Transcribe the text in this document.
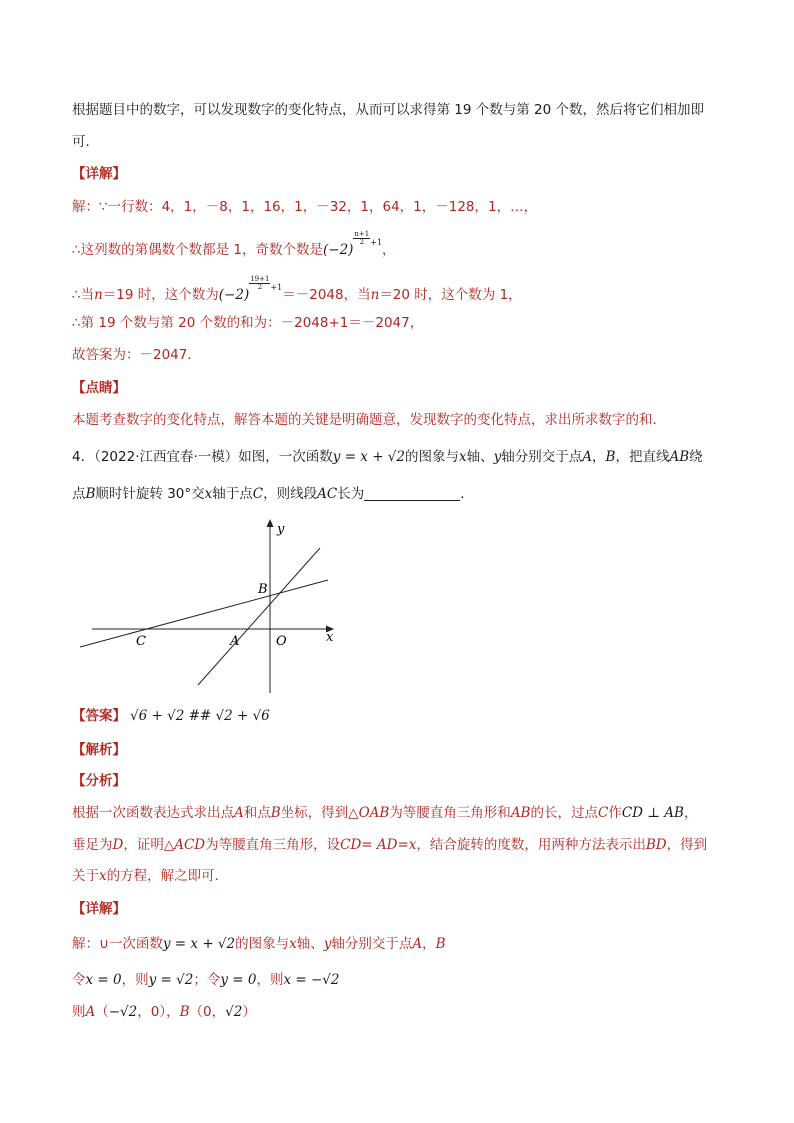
根据题目中的数字，可以发现数字的变化特点，从而可以求得第 19 个数与第 20 个数，然后将它们相加即
可．
【详解】
解：∵一行数：4，1，－8，1，16，1，－32，1，64，1，－128，1，…，
∴这列数的第偶数个数都是 1，奇数个数是(−2)
$\frac{n+1}{2} ^{+1}$，
∴当n＝19 时，这个数为(−2)
$\frac{19+1}{2} ^{+1}=-2048$，当n＝20 时，这个数为 1，
∴第 19 个数与第 20 个数的和为：－2048+1＝－2047，
故答案为：－2047．
【点睛】
本题考查数字的变化特点，解答本题的关键是明确题意，发现数字的变化特点，求出所求数字的和．
4．（2022·江西宜春·一模）如图，一次函数y = x + √2的图象与x轴、y轴分别交于点A，B，把直线AB绕
点B顺时针旋转 30°交x轴于点C，则线段AC长为	．
y
x
B
C	A	O
【答案】 √6 + √2 ## √2 + √6
【解析】
【分析】
根据一次函数表达式求出点A和点B坐标，得到△OAB为等腰直角三角形和AB的长，过点C作CD ⊥ AB，
垂足为D，证明△ACD为等腰直角三角形，设CD= AD=x，结合旋转的度数，用两种方法表示出BD，得到
关于x的方程，解之即可．
【详解】
解：∪一次函数y = x + √2的图象与x轴、y轴分别交于点A，B
令x = 0，则y = √2；令y = 0，则x = −√2
则A（−√2，0），B（0，√2）
